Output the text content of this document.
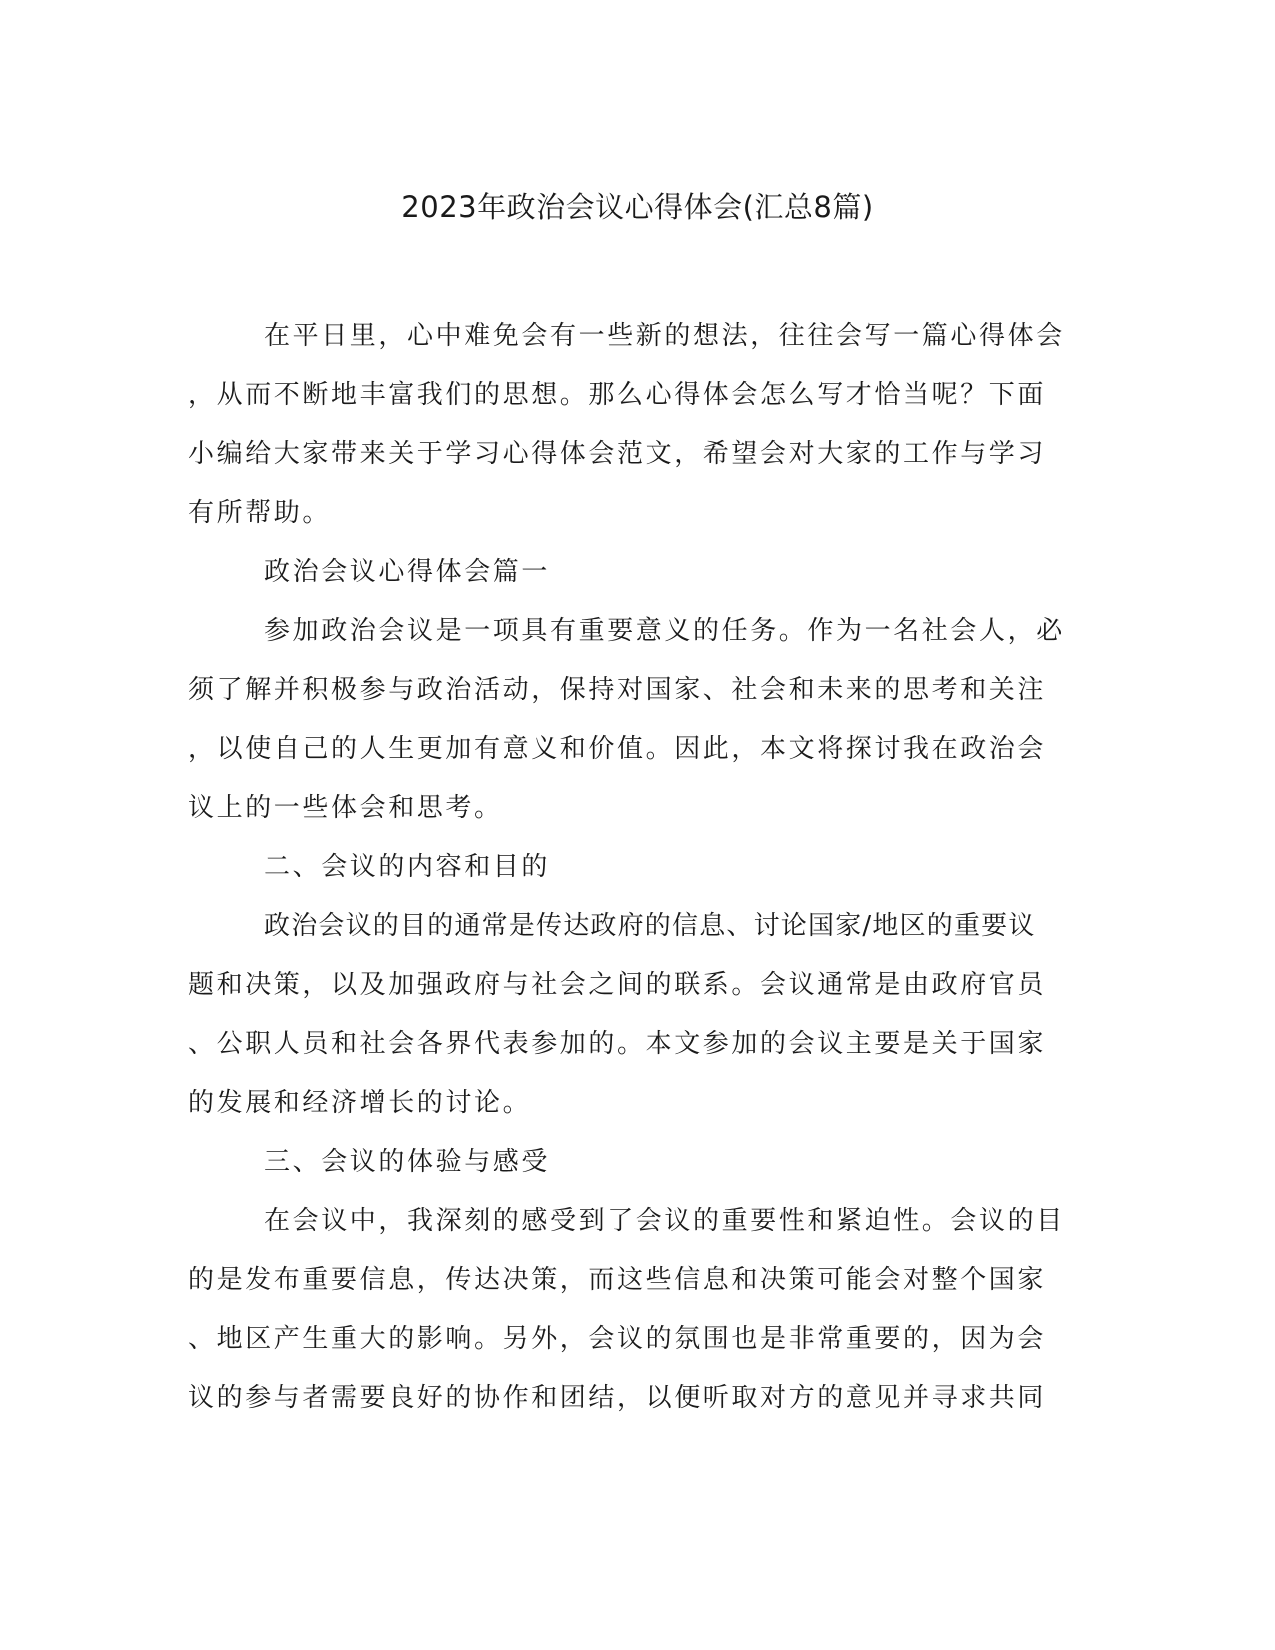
2023年政治会议心得体会(汇总8篇)
在平日里，心中难免会有一些新的想法，往往会写一篇心得体会
，从而不断地丰富我们的思想。那么心得体会怎么写才恰当呢？下面
小编给大家带来关于学习心得体会范文，希望会对大家的工作与学习
有所帮助。
政治会议心得体会篇一
参加政治会议是一项具有重要意义的任务。作为一名社会人，必
须了解并积极参与政治活动，保持对国家、社会和未来的思考和关注
，以使自己的人生更加有意义和价值。因此，本文将探讨我在政治会
议上的一些体会和思考。
二、会议的内容和目的
政治会议的目的通常是传达政府的信息、讨论国家/地区的重要议
题和决策，以及加强政府与社会之间的联系。会议通常是由政府官员
、公职人员和社会各界代表参加的。本文参加的会议主要是关于国家
的发展和经济增长的讨论。
三、会议的体验与感受
在会议中，我深刻的感受到了会议的重要性和紧迫性。会议的目
的是发布重要信息，传达决策，而这些信息和决策可能会对整个国家
、地区产生重大的影响。另外，会议的氛围也是非常重要的，因为会
议的参与者需要良好的协作和团结，以便听取对方的意见并寻求共同
